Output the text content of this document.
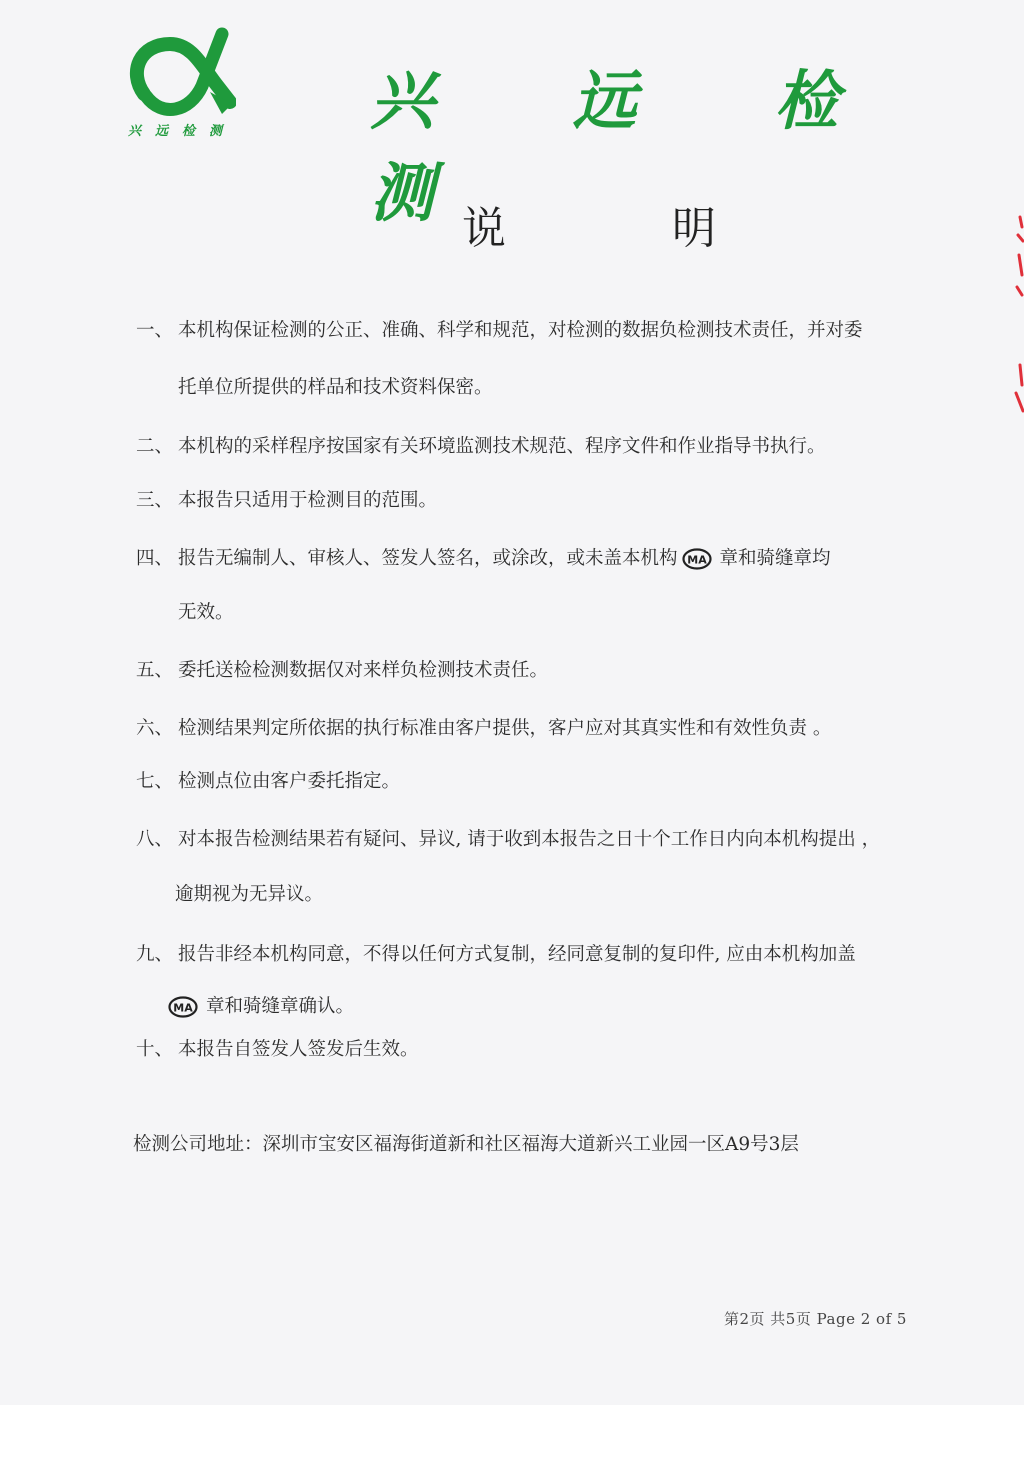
兴远检测 兴 远 检 测
说 明
一、 本机构保证检测的公正、准确、科学和规范，对检测的数据负检测技术责任，并对委
托单位所提供的样品和技术资料保密。
二、 本机构的采样程序按国家有关环境监测技术规范、程序文件和作业指导书执行。
三、 本报告只适用于检测目的范围。
四、 报告无编制人、审核人、签发人签名，或涂改，或未盖本机构 MA 章和骑缝章均
无效。
五、 委托送检检测数据仅对来样负检测技术责任。
六、 检测结果判定所依据的执行标准由客户提供，客户应对其真实性和有效性负责 。
七、 检测点位由客户委托指定。
八、 对本报告检测结果若有疑问、异议, 请于收到本报告之日十个工作日内向本机构提出 ，
逾期视为无异议。
九、 报告非经本机构同意，不得以任何方式复制，经同意复制的复印件, 应由本机构加盖
MA 章和骑缝章确认。
十、 本报告自签发人签发后生效。
检测公司地址：深圳市宝安区福海街道新和社区福海大道新兴工业园一区A9号3层
第2页 共5页 Page 2 of 5
